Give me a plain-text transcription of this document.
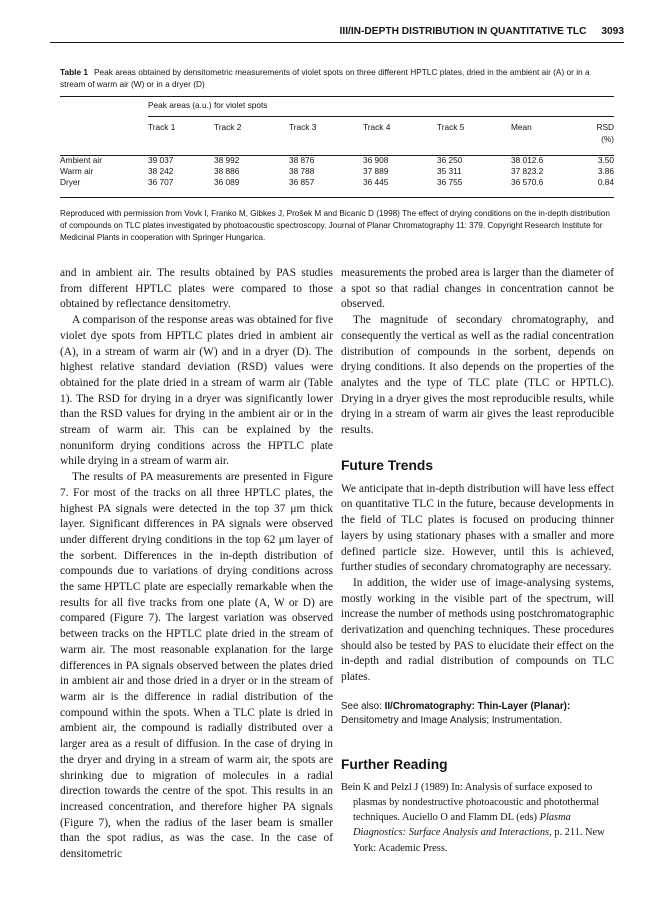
III/IN-DEPTH DISTRIBUTION IN QUANTITATIVE TLC 3093
Table 1 Peak areas obtained by densitometric measurements of violet spots on three different HPTLC plates, dried in the ambient air (A) or in a stream of warm air (W) or in a dryer (D)
	Peak areas (a.u.) for violet spots						
	Track 1	Track 2	Track 3	Track 4	Track 5	Mean	RSD
							(%)

Ambient air	39 037	38 992	38 876	36 908	36 250	38 012.6	3.50
Warm air	38 242	38 886	38 788	37 889	35 311	37 823.2	3.86
Dryer	36 707	36 089	36 857	36 445	36 755	36 570.6	0.84
Reproduced with permission from Vovk I, Franko M, Gibkes J, Prošek M and Bicanic D (1998) The effect of drying conditions on the in-depth distribution of compounds on TLC plates investigated by photoacoustic spectroscopy. Journal of Planar Chromatography 11: 379. Copyright Research Institute for Medicinal Plants in cooperation with Springer Hungarica.

and in ambient air. The results obtained by PAS studies from different HPTLC plates were compared to those obtained by reflectance densitometry.

A comparison of the response areas was obtained for five violet dye spots from HPTLC plates dried in ambient air (A), in a stream of warm air (W) and in a dryer (D). The highest relative standard deviation (RSD) values were obtained for the plate dried in a stream of warm air (Table 1). The RSD for drying in a dryer was significantly lower than the RSD values for drying in the ambient air or in the stream of warm air. This can be explained by the nonuniform drying conditions across the HPTLC plate while drying in a stream of warm air.

The results of PA measurements are presented in Figure 7. For most of the tracks on all three HPTLC plates, the highest PA signals were detected in the top 37 μm thick layer. Significant differences in PA signals were observed under different drying conditions in the top 62 μm layer of the sorbent. Differences in the in-depth distribution of compounds due to variations of drying conditions across the same HPTLC plate are especially remarkable when the results for all five tracks from one plate (A, W or D) are compared (Figure 7). The largest variation was observed between tracks on the HPTLC plate dried in the stream of warm air. The most reasonable explanation for the large differences in PA signals observed between the plates dried in ambient air and those dried in a dryer or in the stream of warm air is the difference in radial distribution of the compound within the spots. When a TLC plate is dried in ambient air, the compound is radially distributed over a larger area as a result of diffusion. In the case of drying in the dryer and drying in a stream of warm air, the spots are shrinking due to migration of molecules in a radial direction towards the centre of the spot. This results in an increased concentration, and therefore higher PA signals (Figure 7), when the radius of the laser beam is smaller than the spot radius, as was the case. In the case of densitometric

measurements the probed area is larger than the diameter of a spot so that radial changes in concentration cannot be observed.

The magnitude of secondary chromatography, and consequently the vertical as well as the radial concentration distribution of compounds in the sorbent, depends on drying conditions. It also depends on the properties of the analytes and the type of TLC plate (TLC or HPTLC). Drying in a dryer gives the most reproducible results, while drying in a stream of warm air gives the least reproducible results.

Future Trends

We anticipate that in-depth distribution will have less effect on quantitative TLC in the future, because developments in the field of TLC plates is focused on producing thinner layers by using stationary phases with a smaller and more defined particle size. However, until this is achieved, further studies of secondary chromatography are necessary.

In addition, the wider use of image-analysing systems, mostly working in the visible part of the spectrum, will increase the number of methods using postchromatographic derivatization and quenching techniques. These procedures should also be tested by PAS to elucidate their effect on the in-depth and radial distribution of compounds on TLC plates.

See also: II/Chromatography: Thin-Layer (Planar): Densitometry and Image Analysis; Instrumentation.

Further Reading

Bein K and Pelzl J (1989) In: Analysis of surface exposed to plasmas by nondestructive photoacoustic and photothermal techniques. Auciello O and Flamm DL (eds) Plasma Diagnostics: Surface Analysis and Interactions, p. 211. New York: Academic Press.
